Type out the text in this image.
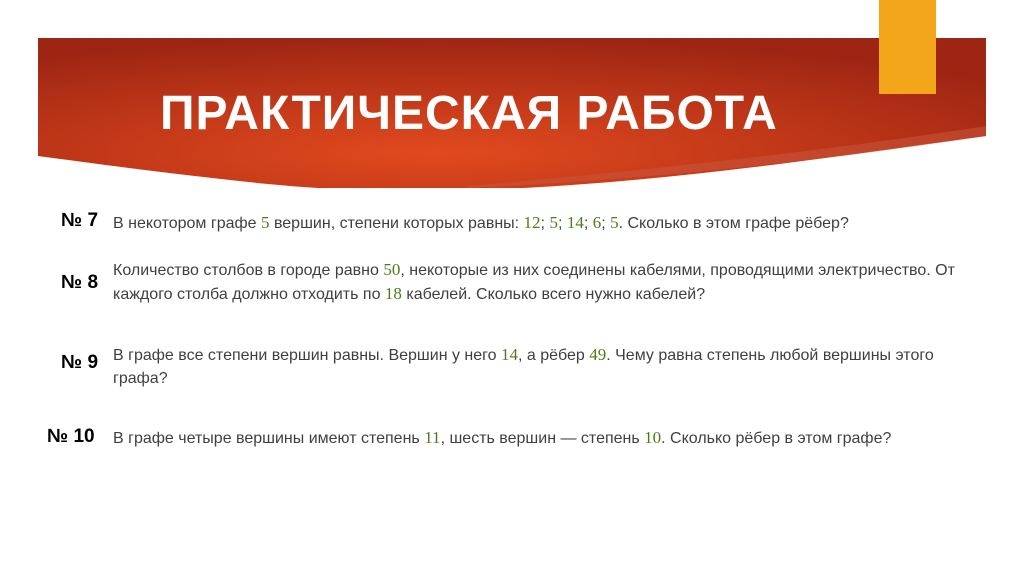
ПРАКТИЧЕСКАЯ РАБОТА
№ 7 В некотором графе 5 вершин, степени которых равны: 12; 5; 14; 6; 5. Сколько в этом графе рёбер?
№ 8
Количество столбов в городе равно 50, некоторые из них соединены кабелями, проводящими электричество. От
каждого столба должно отходить по 18 кабелей. Сколько всего нужно кабелей?
№ 9 В графе все степени вершин равны. Вершин у него 14, а рёбер 49. Чему равна степень любой вершины этого
графа?
№ 10 В графе четыре вершины имеют степень 11, шесть вершин — степень 10. Сколько рёбер в этом графе?
